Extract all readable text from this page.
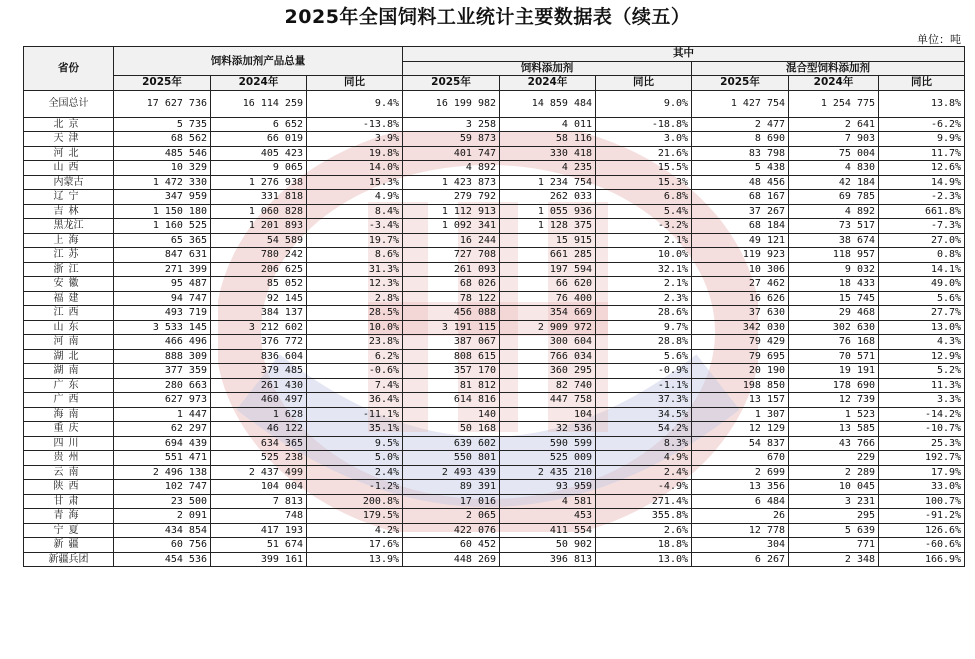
2025年全国饲料工业统计主要数据表（续五）
单位：吨
省份	饲料添加剂产品总量			其中					
				饲料添加剂			混合型饲料添加剂		
	2025年	2024年	同比	2025年	2024年	同比	2025年	2024年	同比
全国总计	17 627 736	16 114 259	9.4%	16 199 982	14 859 484	9.0%	1 427 754	1 254 775	13.8%
北京	5 735	6 652	-13.8%	3 258	4 011	-18.8%	2 477	2 641	-6.2%
天津	68 562	66 019	3.9%	59 873	58 116	3.0%	8 690	7 903	9.9%
河北	485 546	405 423	19.8%	401 747	330 418	21.6%	83 798	75 004	11.7%
山西	10 329	9 065	14.0%	4 892	4 235	15.5%	5 438	4 830	12.6%
内蒙古	1 472 330	1 276 938	15.3%	1 423 873	1 234 754	15.3%	48 456	42 184	14.9%
辽宁	347 959	331 818	4.9%	279 792	262 033	6.8%	68 167	69 785	-2.3%
吉林	1 150 180	1 060 828	8.4%	1 112 913	1 055 936	5.4%	37 267	4 892	661.8%
黑龙江	1 160 525	1 201 893	-3.4%	1 092 341	1 128 375	-3.2%	68 184	73 517	-7.3%
上海	65 365	54 589	19.7%	16 244	15 915	2.1%	49 121	38 674	27.0%
江苏	847 631	780 242	8.6%	727 708	661 285	10.0%	119 923	118 957	0.8%
浙江	271 399	206 625	31.3%	261 093	197 594	32.1%	10 306	9 032	14.1%
安徽	95 487	85 052	12.3%	68 026	66 620	2.1%	27 462	18 433	49.0%
福建	94 747	92 145	2.8%	78 122	76 400	2.3%	16 626	15 745	5.6%
江西	493 719	384 137	28.5%	456 088	354 669	28.6%	37 630	29 468	27.7%
山东	3 533 145	3 212 602	10.0%	3 191 115	2 909 972	9.7%	342 030	302 630	13.0%
河南	466 496	376 772	23.8%	387 067	300 604	28.8%	79 429	76 168	4.3%
湖北	888 309	836 604	6.2%	808 615	766 034	5.6%	79 695	70 571	12.9%
湖南	377 359	379 485	-0.6%	357 170	360 295	-0.9%	20 190	19 191	5.2%
广东	280 663	261 430	7.4%	81 812	82 740	-1.1%	198 850	178 690	11.3%
广西	627 973	460 497	36.4%	614 816	447 758	37.3%	13 157	12 739	3.3%
海南	1 447	1 628	-11.1%	140	104	34.5%	1 307	1 523	-14.2%
重庆	62 297	46 122	35.1%	50 168	32 536	54.2%	12 129	13 585	-10.7%
四川	694 439	634 365	9.5%	639 602	590 599	8.3%	54 837	43 766	25.3%
贵州	551 471	525 238	5.0%	550 801	525 009	4.9%	670	229	192.7%
云南	2 496 138	2 437 499	2.4%	2 493 439	2 435 210	2.4%	2 699	2 289	17.9%
陕西	102 747	104 004	-1.2%	89 391	93 959	-4.9%	13 356	10 045	33.0%
甘肃	23 500	7 813	200.8%	17 016	4 581	271.4%	6 484	3 231	100.7%
青海	2 091	748	179.5%	2 065	453	355.8%	26	295	-91.2%
宁夏	434 854	417 193	4.2%	422 076	411 554	2.6%	12 778	5 639	126.6%
新疆	60 756	51 674	17.6%	60 452	50 902	18.8%	304	771	-60.6%
新疆兵团	454 536	399 161	13.9%	448 269	396 813	13.0%	6 267	2 348	166.9%
